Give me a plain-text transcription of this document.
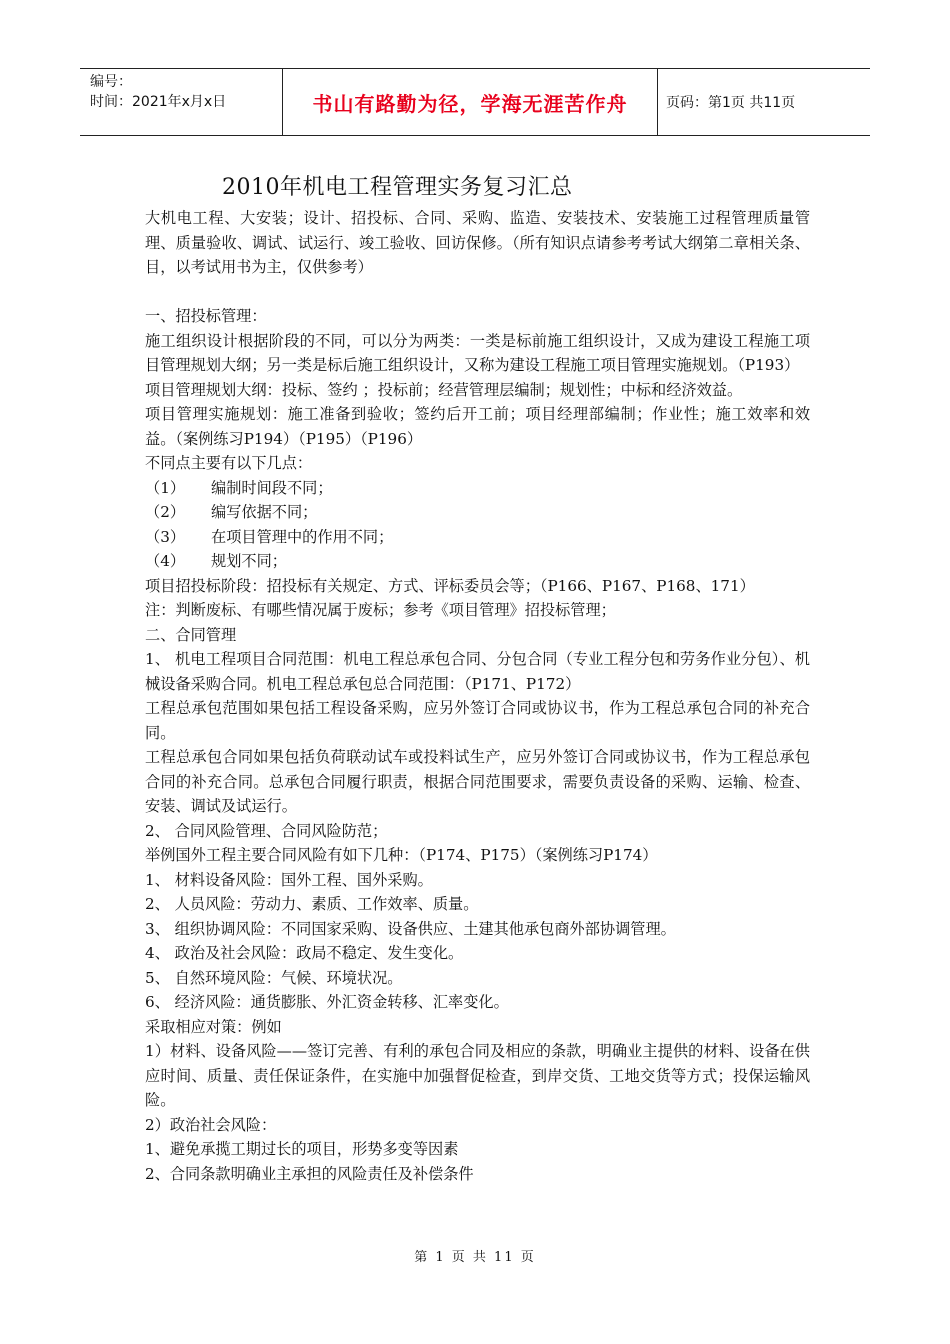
编号：
时间：2021年x月x日	书山有路勤为径，学海无涯苦作舟	页码：第1页 共11页
2010年机电工程管理实务复习汇总

大机电工程、大安装；设计、招投标、合同、采购、监造、安装技术、安装施工过程管理质量管理、质量验收、调试、试运行、竣工验收、回访保修。（所有知识点请参考考试大纲第二章相关条、目，以考试用书为主，仅供参考）

一、招投标管理：

施工组织设计根据阶段的不同，可以分为两类：一类是标前施工组织设计，又成为建设工程施工项目管理规划大纲；另一类是标后施工组织设计，又称为建设工程施工项目管理实施规划。（P193）

项目管理规划大纲：投标、签约 ；投标前；经营管理层编制；规划性；中标和经济效益。

项目管理实施规划：施工准备到验收；签约后开工前；项目经理部编制；作业性；施工效率和效益。（案例练习P194）（P195）（P196）

不同点主要有以下几点：

（1）	编制时间段不同；
（2）	编写依据不同；
（3）	在项目管理中的作用不同；
（4）	规划不同；

项目招投标阶段：招投标有关规定、方式、评标委员会等；（P166、P167、P168、171）

注：判断废标、有哪些情况属于废标；参考《项目管理》招投标管理；

二、合同管理

1、 机电工程项目合同范围：机电工程总承包合同、分包合同（专业工程分包和劳务作业分包）、机械设备采购合同。机电工程总承包总合同范围：（P171、P172）

工程总承包范围如果包括工程设备采购，应另外签订合同或协议书，作为工程总承包合同的补充合同。

工程总承包合同如果包括负荷联动试车或投料试生产，应另外签订合同或协议书，作为工程总承包合同的补充合同。总承包合同履行职责，根据合同范围要求，需要负责设备的采购、运输、检查、安装、调试及试运行。

2、 合同风险管理、合同风险防范；

举例国外工程主要合同风险有如下几种：（P174、P175）（案例练习P174）

1、 材料设备风险：国外工程、国外采购。

2、 人员风险：劳动力、素质、工作效率、质量。

3、 组织协调风险：不同国家采购、设备供应、土建其他承包商外部协调管理。

4、 政治及社会风险：政局不稳定、发生变化。

5、 自然环境风险：气候、环境状况。

6、 经济风险：通货膨胀、外汇资金转移、汇率变化。

采取相应对策：例如

1）材料、设备风险——签订完善、有利的承包合同及相应的条款，明确业主提供的材料、设备在供应时间、质量、责任保证条件，在实施中加强督促检查，到岸交货、工地交货等方式；投保运输风险。

2）政治社会风险：

1、避免承揽工期过长的项目，形势多变等因素

2、合同条款明确业主承担的风险责任及补偿条件

第 1 页 共 11 页
